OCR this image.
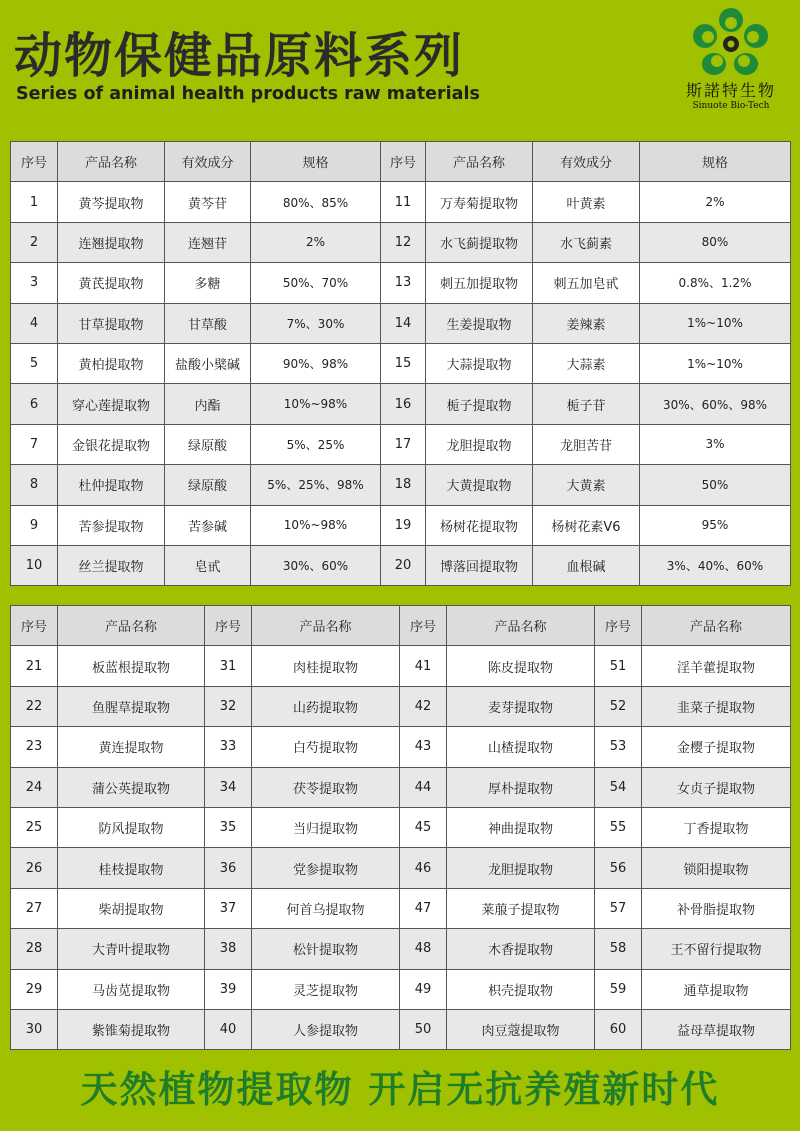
动物保健品原料系列
Series of animal health products raw materials	斯諾特生物
Sinuote Bio-Tech
序号	产品名称	有效成分	规格	序号	产品名称	有效成分	规格
1	黄芩提取物	黄芩苷	80%、85%	11	万寿菊提取物	叶黄素	2%
2	连翘提取物	连翘苷	2%	12	水飞蓟提取物	水飞蓟素	80%
3	黄芪提取物	多糖	50%、70%	13	刺五加提取物	刺五加皂甙	0.8%、1.2%
4	甘草提取物	甘草酸	7%、30%	14	生姜提取物	姜辣素	1%~10%
5	黄柏提取物	盐酸小檗碱	90%、98%	15	大蒜提取物	大蒜素	1%~10%
6	穿心莲提取物	内酯	10%~98%	16	栀子提取物	栀子苷	30%、60%、98%
7	金银花提取物	绿原酸	5%、25%	17	龙胆提取物	龙胆苦苷	3%
8	杜仲提取物	绿原酸	5%、25%、98%	18	大黄提取物	大黄素	50%
9	苦参提取物	苦参碱	10%~98%	19	杨树花提取物	杨树花素V6	95%
10	丝兰提取物	皂甙	30%、60%	20	博落回提取物	血根碱	3%、40%、60%
序号	产品名称	序号	产品名称	序号	产品名称	序号	产品名称
21	板蓝根提取物	31	肉桂提取物	41	陈皮提取物	51	淫羊藿提取物
22	鱼腥草提取物	32	山药提取物	42	麦芽提取物	52	韭菜子提取物
23	黄连提取物	33	白芍提取物	43	山楂提取物	53	金樱子提取物
24	蒲公英提取物	34	茯苓提取物	44	厚朴提取物	54	女贞子提取物
25	防风提取物	35	当归提取物	45	神曲提取物	55	丁香提取物
26	桂枝提取物	36	党参提取物	46	龙胆提取物	56	锁阳提取物
27	柴胡提取物	37	何首乌提取物	47	莱菔子提取物	57	补骨脂提取物
28	大青叶提取物	38	松针提取物	48	木香提取物	58	王不留行提取物
29	马齿苋提取物	39	灵芝提取物	49	枳壳提取物	59	通草提取物
30	紫锥菊提取物	40	人参提取物	50	肉豆蔻提取物	60	益母草提取物
天然植物提取物 开启无抗养殖新时代
